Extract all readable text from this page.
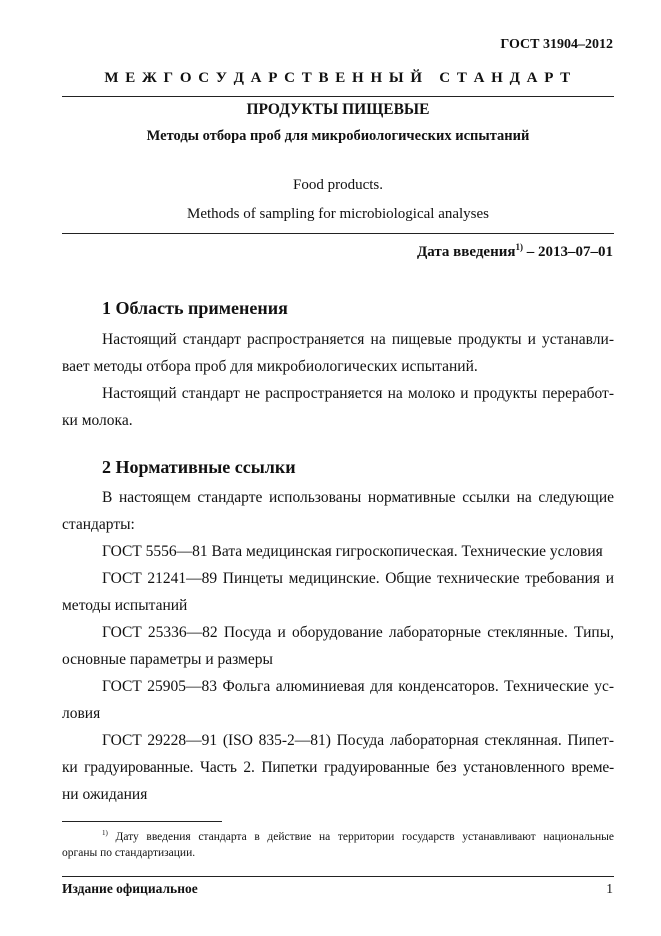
ГОСТ 31904–2012
М Е Ж Г О С У Д А Р С Т В Е Н Н Ы Й   С Т А Н Д А Р Т
ПРОДУКТЫ ПИЩЕВЫЕ
Методы отбора проб для микробиологических испытаний
Food products.
Methods of sampling for microbiological analyses
Дата введения$^{1)}$ – 2013–07–01
1 Область применения
Настоящий стандарт распространяется на пищевые продукты и устанавли-
вает методы отбора проб для микробиологических испытаний.
Настоящий стандарт не распространяется на молоко и продукты переработ-
ки молока.
2 Нормативные ссылки
В настоящем стандарте использованы нормативные ссылки на следующие
стандарты:
ГОСТ 5556—81 Вата медицинская гигроскопическая. Технические условия
ГОСТ 21241—89 Пинцеты медицинские. Общие технические требования и
методы испытаний
ГОСТ 25336—82 Посуда и оборудование лабораторные стеклянные. Типы,
основные параметры и размеры
ГОСТ 25905—83 Фольга алюминиевая для конденсаторов. Технические ус-
ловия
ГОСТ 29228—91 (ISO 835-2—81) Посуда лабораторная стеклянная. Пипет-
ки градуированные. Часть 2. Пипетки градуированные без установленного време-
ни ожидания
$^{1)}$ Дату введения стандарта в действие на территории государств устанавливают национальные
органы по стандартизации.
Издание официальное	1
